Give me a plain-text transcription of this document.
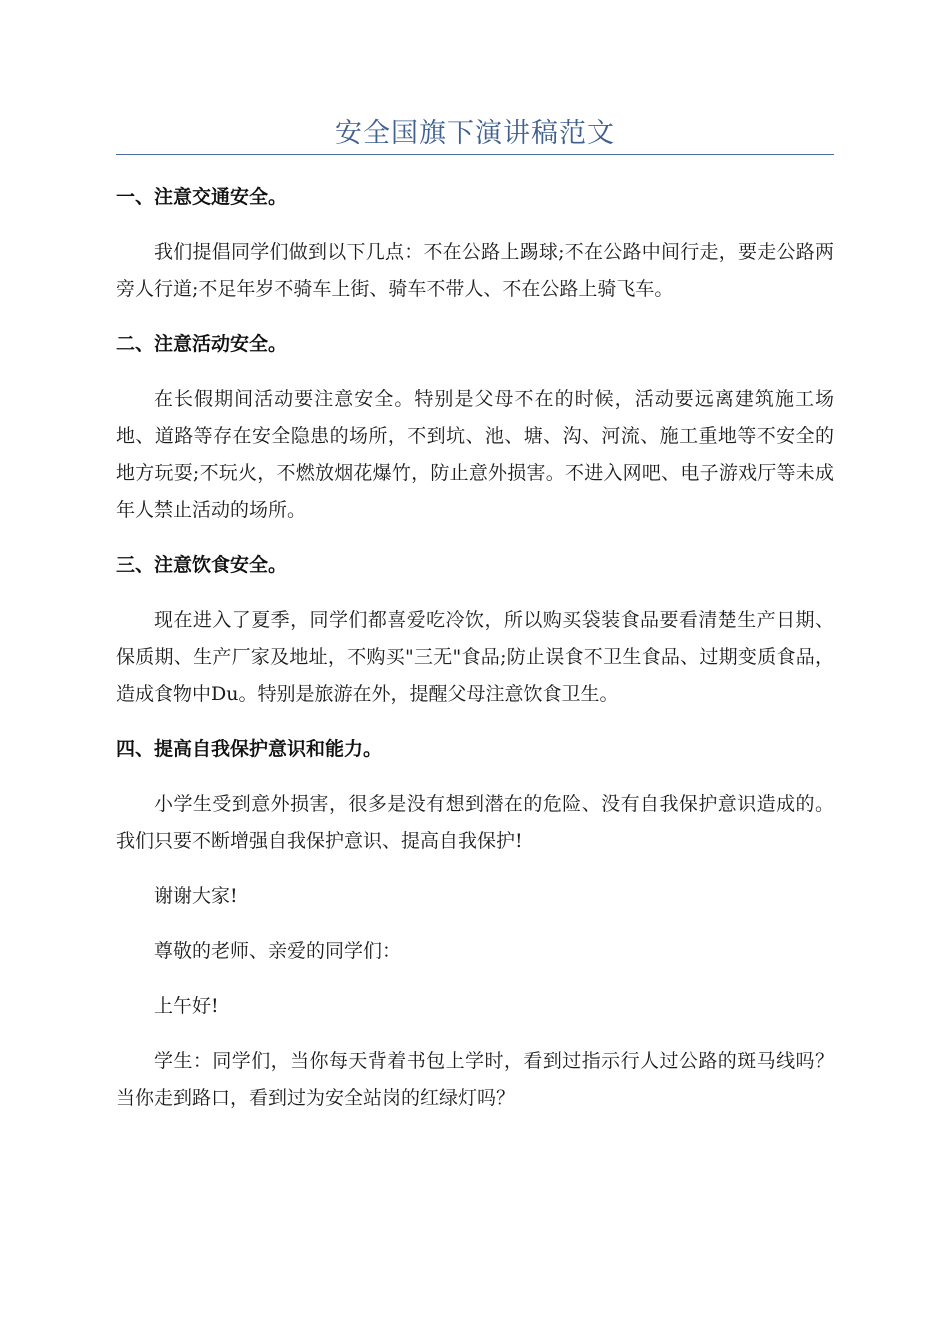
安全国旗下演讲稿范文
一、注意交通安全。
我们提倡同学们做到以下几点：不在公路上踢球;不在公路中间行走，要走公路两旁人行道;不足年岁不骑车上街、骑车不带人、不在公路上骑飞车。
二、注意活动安全。
在长假期间活动要注意安全。特别是父母不在的时候，活动要远离建筑施工场地、道路等存在安全隐患的场所，不到坑、池、塘、沟、河流、施工重地等不安全的地方玩耍;不玩火，不燃放烟花爆竹，防止意外损害。不进入网吧、电子游戏厅等未成年人禁止活动的场所。
三、注意饮食安全。
现在进入了夏季，同学们都喜爱吃冷饮，所以购买袋装食品要看清楚生产日期、保质期、生产厂家及地址，不购买"三无"食品;防止误食不卫生食品、过期变质食品，造成食物中Du。特别是旅游在外，提醒父母注意饮食卫生。
四、提高自我保护意识和能力。
小学生受到意外损害，很多是没有想到潜在的危险、没有自我保护意识造成的。我们只要不断增强自我保护意识、提高自我保护!
谢谢大家!
尊敬的老师、亲爱的同学们：
上午好!
学生：同学们，当你每天背着书包上学时，看到过指示行人过公路的斑马线吗？当你走到路口，看到过为安全站岗的红绿灯吗？
